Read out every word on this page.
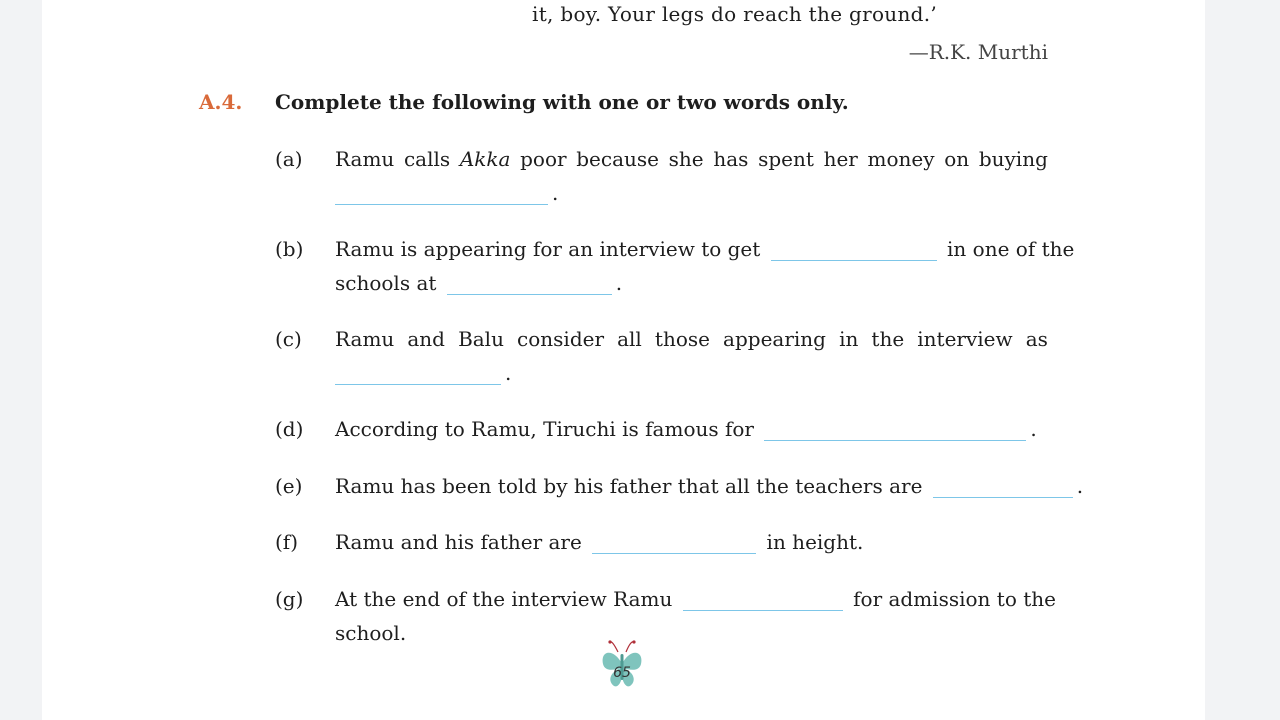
it, boy. Your legs do reach the ground.’
—R.K. Murthi
A.4. Complete the following with one or two words only.
(a) Ramu calls Akka poor because she has spent her money on buying
.
(b) Ramu is appearing for an interview to get	in one of the
schools at	.
(c) Ramu and Balu consider all those appearing in the interview as
.
(d) According to Ramu, Tiruchi is famous for	.
(e) Ramu has been told by his father that all the teachers are	.
(f) Ramu and his father are	in height.
(g) At the end of the interview Ramu	for admission to the
school.
65
